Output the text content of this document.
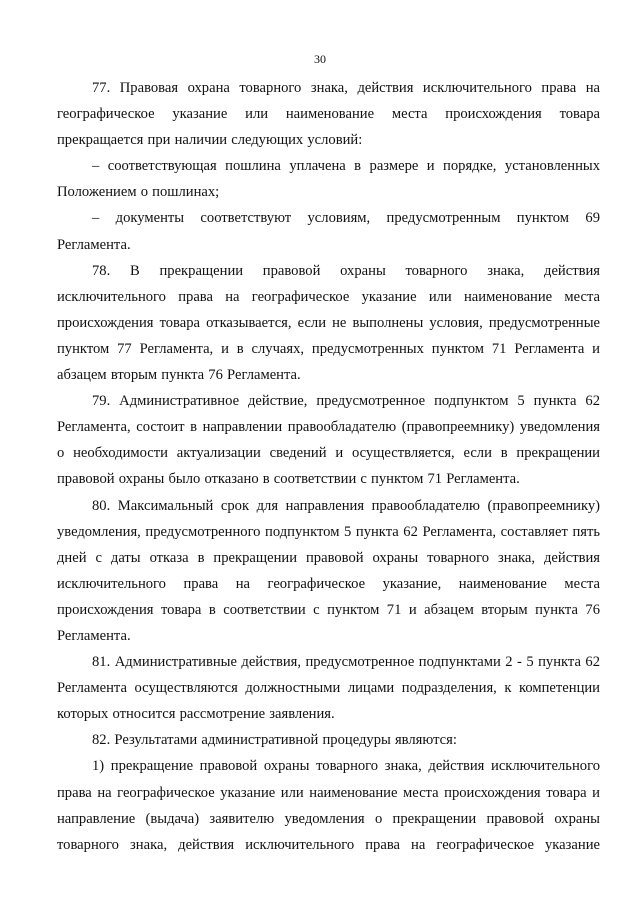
30

77. Правовая охрана товарного знака, действия исключительного права на географическое указание или наименование места происхождения товара прекращается при наличии следующих условий:

– соответствующая пошлина уплачена в размере и порядке, установленных Положением о пошлинах;

– документы соответствуют условиям, предусмотренным пунктом 69 Регламента.

78. В прекращении правовой охраны товарного знака, действия исключительного права на географическое указание или наименование места происхождения товара отказывается, если не выполнены условия, предусмотренные пунктом 77 Регламента, и в случаях, предусмотренных пунктом 71 Регламента и абзацем вторым пункта 76 Регламента.

79. Административное действие, предусмотренное подпунктом 5 пункта 62 Регламента, состоит в направлении правообладателю (правопреемнику) уведомления о необходимости актуализации сведений и осуществляется, если в прекращении правовой охраны было отказано в соответствии с пунктом 71 Регламента.

80. Максимальный срок для направления правообладателю (правопреемнику) уведомления, предусмотренного подпунктом 5 пункта 62 Регламента, составляет пять дней с даты отказа в прекращении правовой охраны товарного знака, действия исключительного права на географическое указание, наименование места происхождения товара в соответствии с пунктом 71 и абзацем вторым пункта 76 Регламента.

81. Административные действия, предусмотренное подпунктами 2 - 5 пункта 62 Регламента осуществляются должностными лицами подразделения, к компетенции которых относится рассмотрение заявления.

82. Результатами административной процедуры являются:

1) прекращение правовой охраны товарного знака, действия исключительного права на географическое указание или наименование места происхождения товара и направление (выдача) заявителю уведомления о прекращении правовой охраны товарного знака, действия исключительного права на географическое указание
